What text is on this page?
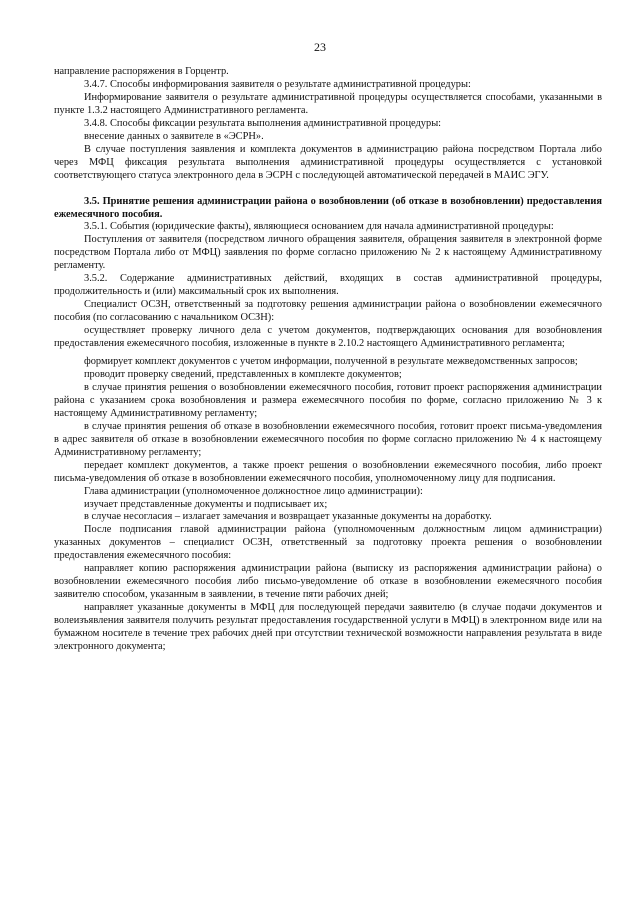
23

направление распоряжения в Горцентр.

3.4.7. Способы информирования заявителя о результате административной процедуры:

Информирование заявителя о результате административной процедуры осуществляется способами, указанными в пункте 1.3.2 настоящего Административного регламента.

3.4.8. Способы фиксации результата выполнения административной процедуры:

внесение данных о заявителе в «ЭСРН».

В случае поступления заявления и комплекта документов в администрацию района посредством Портала либо через МФЦ фиксация результата выполнения административной процедуры осуществляется с установкой соответствующего статуса электронного дела в ЭСРН с последующей автоматической передачей в МАИС ЭГУ.

3.5. Принятие решения администрации района о возобновлении (об отказе в возобновлении) предоставления ежемесячного пособия.

3.5.1. События (юридические факты), являющиеся основанием для начала административной процедуры:

Поступления от заявителя (посредством личного обращения заявителя, обращения заявителя в электронной форме посредством Портала либо от МФЦ) заявления по форме согласно приложению № 2 к настоящему Административному регламенту.

3.5.2. Содержание административных действий, входящих в состав административной процедуры, продолжительность и (или) максимальный срок их выполнения.

Специалист ОСЗН, ответственный за подготовку решения администрации района о возобновлении ежемесячного пособия (по согласованию с начальником ОСЗН):

осуществляет проверку личного дела с учетом документов, подтверждающих основания для возобновления предоставления ежемесячного пособия, изложенные в пункте в 2.10.2 настоящего Административного регламента;

формирует комплект документов с учетом информации, полученной в результате межведомственных запросов;

проводит проверку сведений, представленных в комплекте документов;

в случае принятия решения о возобновлении ежемесячного пособия, готовит проект распоряжения администрации района с указанием срока возобновления и размера ежемесячного пособия по форме, согласно приложению № 3 к настоящему Административному регламенту;

в случае принятия решения об отказе в возобновлении ежемесячного пособия, готовит проект письма-уведомления в адрес заявителя об отказе в возобновлении ежемесячного пособия по форме согласно приложению № 4 к настоящему Административному регламенту;

передает комплект документов, а также проект решения о возобновлении ежемесячного пособия, либо проект письма-уведомления об отказе в возобновлении ежемесячного пособия, уполномоченному лицу для подписания.

Глава администрации (уполномоченное должностное лицо администрации):

изучает представленные документы и подписывает их;

в случае несогласия – излагает замечания и возвращает указанные документы на доработку.

После подписания главой администрации района (уполномоченным должностным лицом администрации) указанных документов – специалист ОСЗН, ответственный за подготовку проекта решения о возобновлении предоставления ежемесячного пособия:

направляет копию распоряжения администрации района (выписку из распоряжения администрации района) о возобновлении ежемесячного пособия либо письмо-уведомление об отказе в возобновлении ежемесячного пособия заявителю способом, указанным в заявлении, в течение пяти рабочих дней;

направляет указанные документы в МФЦ для последующей передачи заявителю (в случае подачи документов и волеизъявления заявителя получить результат предоставления государственной услуги в МФЦ) в электронном виде или на бумажном носителе в течение трех рабочих дней при отсутствии технической возможности направления результата в виде электронного документа;
